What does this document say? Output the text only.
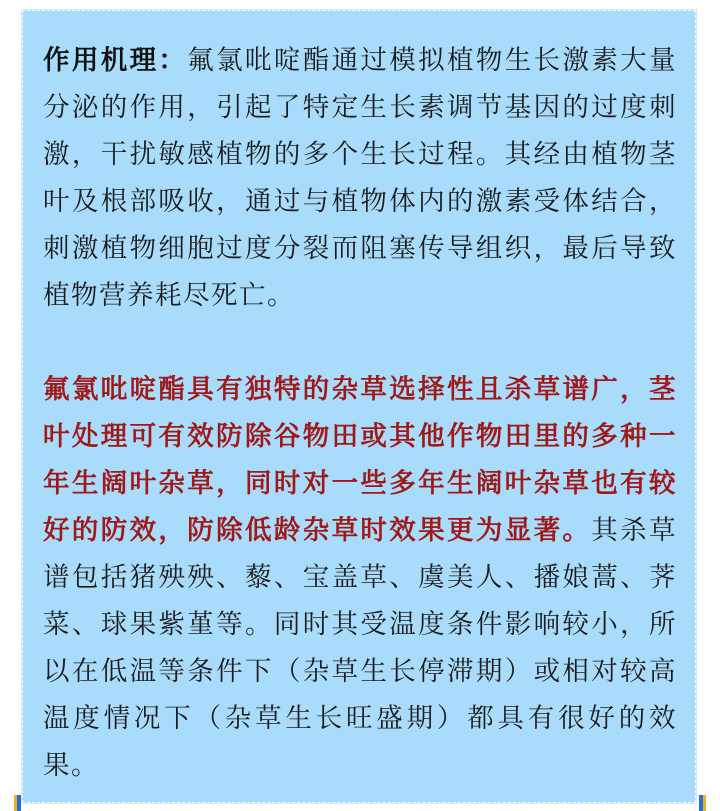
作用机理：氟氯吡啶酯通过模拟植物生长激素大量分泌的作用，引起了特定生长素调节基因的过度刺激，干扰敏感植物的多个生长过程。其经由植物茎叶及根部吸收，通过与植物体内的激素受体结合，刺激植物细胞过度分裂而阻塞传导组织，最后导致植物营养耗尽死亡。

氟氯吡啶酯具有独特的杂草选择性且杀草谱广，茎叶处理可有效防除谷物田或其他作物田里的多种一年生阔叶杂草，同时对一些多年生阔叶杂草也有较好的防效，防除低龄杂草时效果更为显著。其杀草谱包括猪殃殃、藜、宝盖草、虞美人、播娘蒿、荠菜、球果紫堇等。同时其受温度条件影响较小，所以在低温等条件下（杂草生长停滞期）或相对较高温度情况下（杂草生长旺盛期）都具有很好的效果。
